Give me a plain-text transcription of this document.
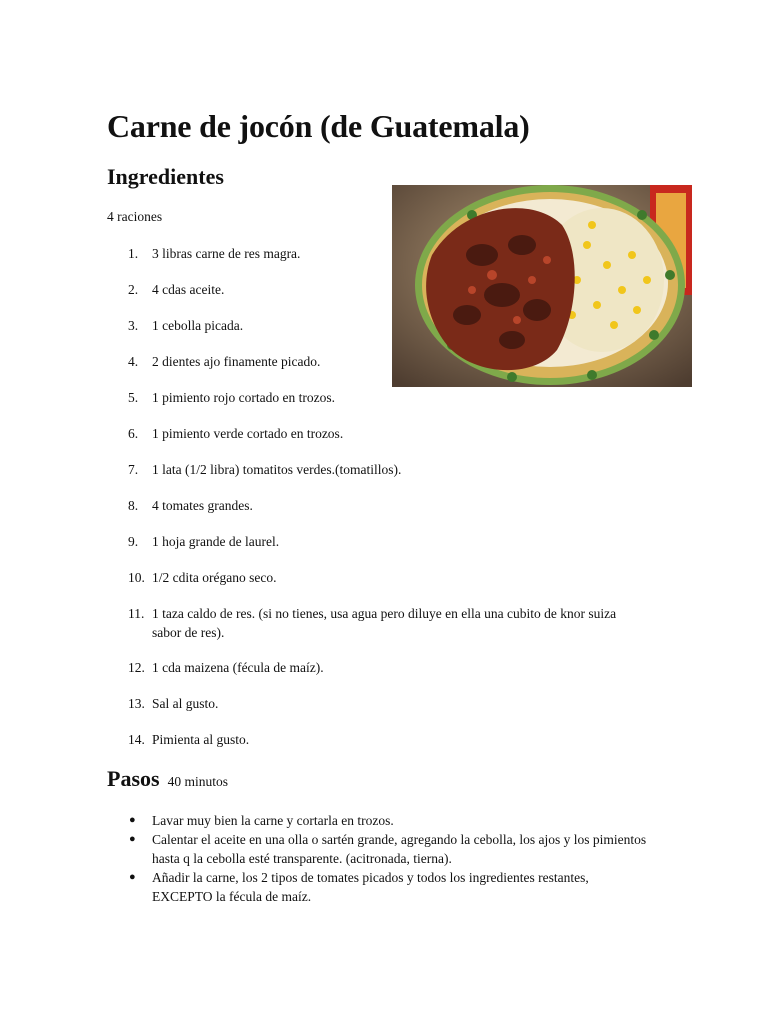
Carne de jocón (de Guatemala)
Ingredientes
4 raciones
1.	3 libras carne de res magra.
2.	4 cdas aceite.
3.	1 cebolla picada.
4.	2 dientes ajo finamente picado.
5.	1 pimiento rojo cortado en trozos.
6.	1 pimiento verde cortado en trozos.
7.	1 lata (1/2 libra) tomatitos verdes.(tomatillos).
8.	4 tomates grandes.
9.	1 hoja grande de laurel.
10. 1/2 cdita orégano seco.
11. 1 taza caldo de res. (si no tienes, usa agua pero diluye en ella una cubito de knor suiza sabor de res).
12. 1 cda maizena (fécula de maíz).
13. Sal al gusto.
14. Pimienta al gusto.
Pasos 40 minutos
●	Lavar muy bien la carne y cortarla en trozos.
●	Calentar el aceite en una olla o sartén grande, agregando la cebolla, los ajos y los pimientos hasta q la cebolla esté transparente. (acitronada, tierna).
●	Añadir la carne, los 2 tipos de tomates picados y todos los ingredientes restantes, EXCEPTO la fécula de maíz.
